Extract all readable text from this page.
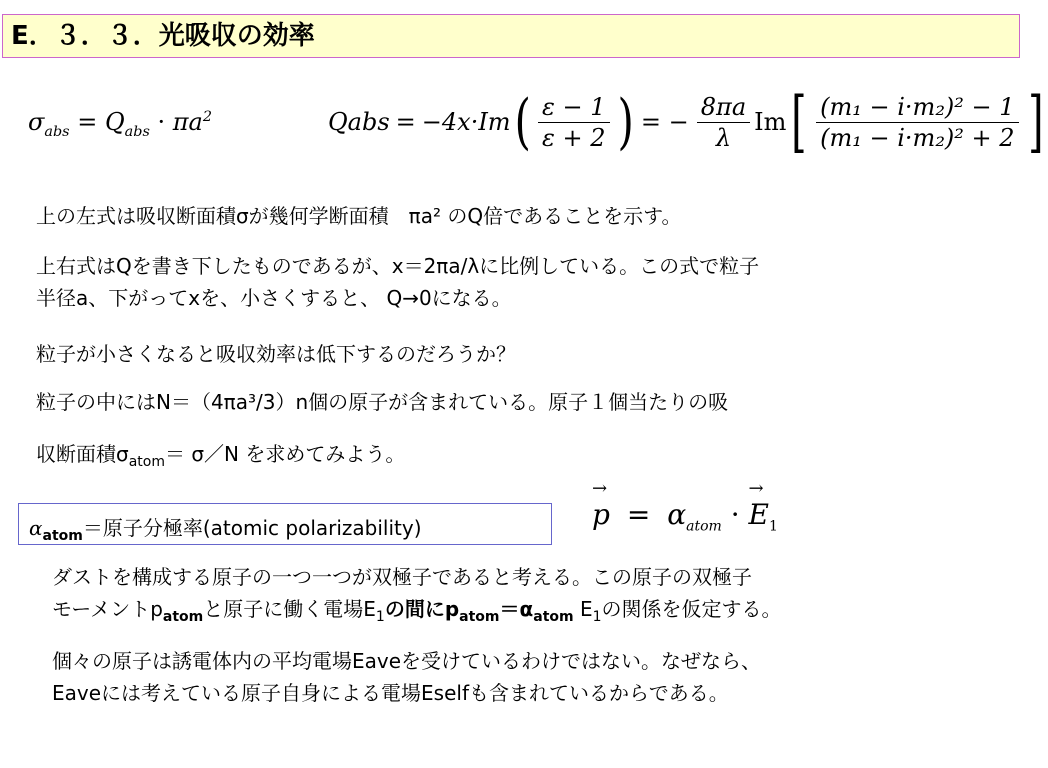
E．３．３．光吸収の効率
$\sigma_{abs} = Q_{abs} \cdot \pi a^2$	Qabs = −4x·Im ( $\frac{\varepsilon - 1}{\varepsilon + 2}$ ) = − $\frac{8\pi a}{\lambda}$ Im [ $\frac{\text{(m₁ − i·m₂)² − 1}}{\text{(m₁ − i·m₂)² + 2}}$ ]
上の左式は吸収断面積σが幾何学断面積　πa² のQ倍であることを示す。
上右式はQを書き下したものであるが、x＝2πa/λに比例している。この式で粒子
半径a、下がってxを、小さくすると、 Q→0になる。
粒子が小さくなると吸収効率は低下するのだろうか？
粒子の中にはN＝（4πa³/3）n個の原子が含まれている。原子１個当たりの吸
収断面積$\sigma_{atom}=$ σ／N を求めてみよう。
$\alpha_{atom}=$原子分極率(atomic polarizability)	→ $p = \alpha_{atom}$ · → $E_1$
ダストを構成する原子の一つ一つが双極子であると考える。この原子の双極子
モーメント$p_{atom}$と原子に働く電場$E_1$の間に$p_{atom}=\alpha_{atom}$ $E_1$の関係を仮定する。
個々の原子は誘電体内の平均電場Eaveを受けているわけではない。なぜなら、
Eaveには考えている原子自身による電場Eselfも含まれているからである。
